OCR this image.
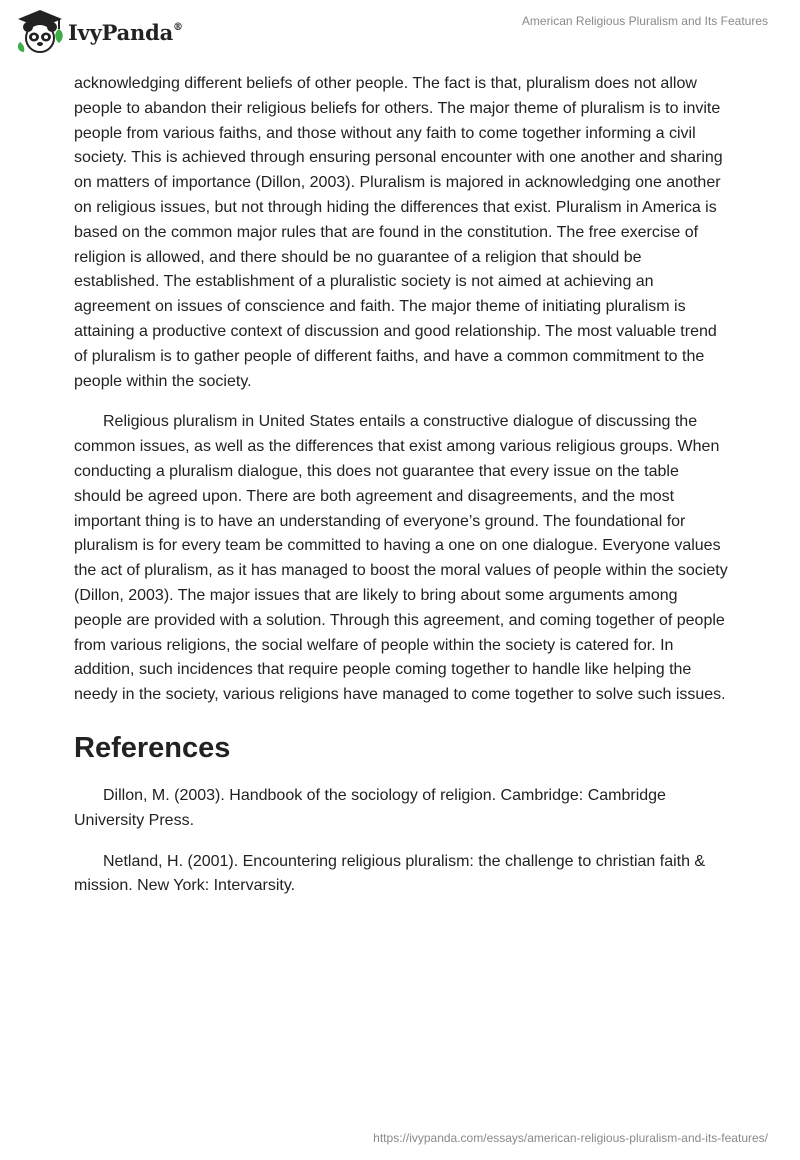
IvyPanda®	American Religious Pluralism and Its Features

acknowledging different beliefs of other people. The fact is that, pluralism does not allow people to abandon their religious beliefs for others. The major theme of pluralism is to invite people from various faiths, and those without any faith to come together informing a civil society. This is achieved through ensuring personal encounter with one another and sharing on matters of importance (Dillon, 2003). Pluralism is majored in acknowledging one another on religious issues, but not through hiding the differences that exist. Pluralism in America is based on the common major rules that are found in the constitution. The free exercise of religion is allowed, and there should be no guarantee of a religion that should be established. The establishment of a pluralistic society is not aimed at achieving an agreement on issues of conscience and faith. The major theme of initiating pluralism is attaining a productive context of discussion and good relationship. The most valuable trend of pluralism is to gather people of different faiths, and have a common commitment to the people within the society.

Religious pluralism in United States entails a constructive dialogue of discussing the common issues, as well as the differences that exist among various religious groups. When conducting a pluralism dialogue, this does not guarantee that every issue on the table should be agreed upon. There are both agreement and disagreements, and the most important thing is to have an understanding of everyone’s ground. The foundational for pluralism is for every team be committed to having a one on one dialogue. Everyone values the act of pluralism, as it has managed to boost the moral values of people within the society (Dillon, 2003). The major issues that are likely to bring about some arguments among people are provided with a solution. Through this agreement, and coming together of people from various religions, the social welfare of people within the society is catered for. In addition, such incidences that require people coming together to handle like helping the needy in the society, various religions have managed to come together to solve such issues.

References

Dillon, M. (2003). Handbook of the sociology of religion. Cambridge: Cambridge University Press.

Netland, H. (2001). Encountering religious pluralism: the challenge to christian faith & mission. New York: Intervarsity.

https://ivypanda.com/essays/american-religious-pluralism-and-its-features/
